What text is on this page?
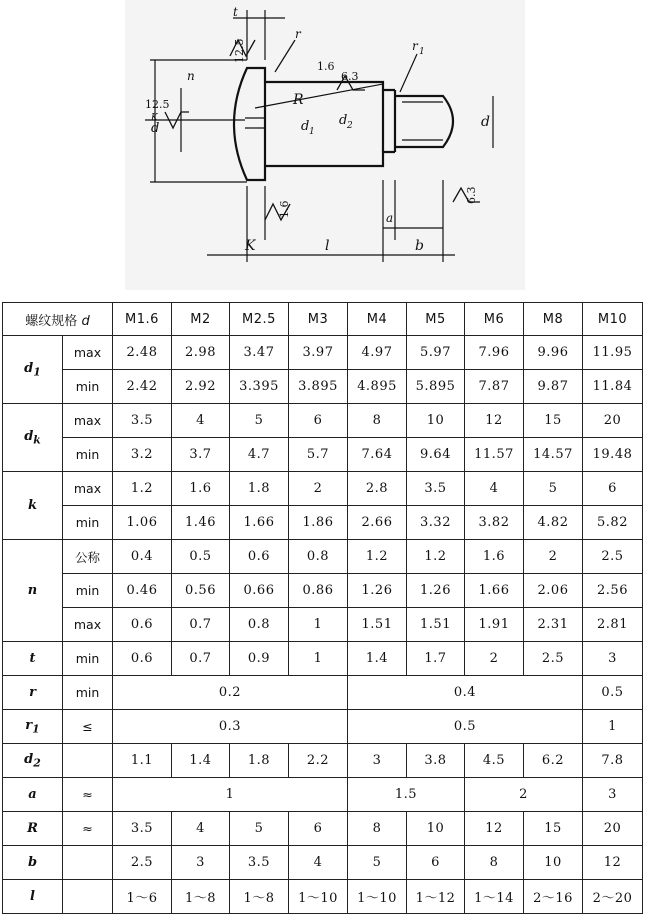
t
r
r 1
12.5
12.5
1.6
6.3
1.6
6.3
n
R
d
K
d 1
d 2	d
a
K	l	b
螺纹规格 d		M1.6	M2	M2.5	M3	M4	M5	M6	M8	M10
$d_1$	max	2.48	2.98	3.47	3.97	4.97	5.97	7.96	9.96	11.95
	min	2.42	2.92	3.395	3.895	4.895	5.895	7.87	9.87	11.84
$d_k$	max	3.5	4	5	6	8	10	12	15	20
	min	3.2	3.7	4.7	5.7	7.64	9.64	11.57	14.57	19.48
k	max	1.2	1.6	1.8	2	2.8	3.5	4	5	6
	min	1.06	1.46	1.66	1.86	2.66	3.32	3.82	4.82	5.82
n	公称	0.4	0.5	0.6	0.8	1.2	1.2	1.6	2	2.5
	min	0.46	0.56	0.66	0.86	1.26	1.26	1.66	2.06	2.56
	max	0.6	0.7	0.8	1	1.51	1.51	1.91	2.31	2.81
t	min	0.6	0.7	0.9	1	1.4	1.7	2	2.5	3
r	min	0.2				0.4				0.5
$r_1$	≤	0.3				0.5				1
$d_2$		1.1	1.4	1.8	2.2	3	3.8	4.5	6.2	7.8
a	≈	1				1.5		2		3
R	≈	3.5	4	5	6	8	10	12	15	20
b		2.5	3	3.5	4	5	6	8	10	12
l		1～6	1～8	1～8	1～10	1～10	1～12	1～14	2～16	2～20
